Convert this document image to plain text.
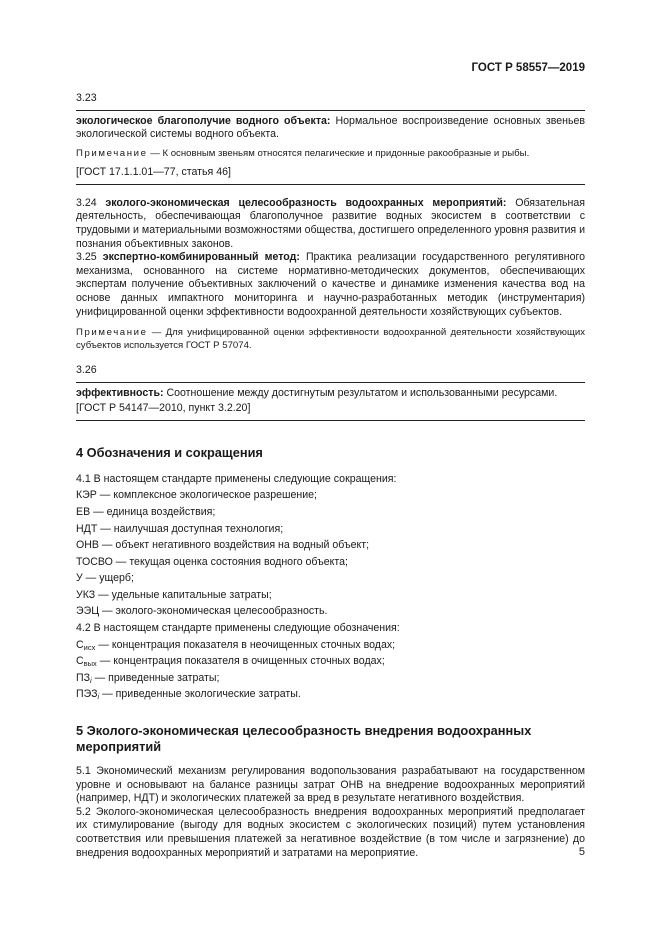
ГОСТ Р 58557—2019

3.23

экологическое благополучие водного объекта: Нормальное воспроизведение основных звеньев экологической системы водного объекта.

Примечание — К основным звеньям относятся пелагические и придонные ракообразные и рыбы.

[ГОСТ 17.1.1.01—77, статья 46]

3.24 эколого-экономическая целесообразность водоохранных мероприятий: Обязательная деятельность, обеспечивающая благополучное развитие водных экосистем в соответствии с трудовыми и материальными возможностями общества, достигшего определенного уровня развития и познания объективных законов.

3.25 экспертно-комбинированный метод: Практика реализации государственного регулятивного механизма, основанного на системе нормативно-методических документов, обеспечивающих экспертам получение объективных заключений о качестве и динамике изменения качества вод на основе данных импактного мониторинга и научно-разработанных методик (инструментария) унифицированной оценки эффективности водоохранной деятельности хозяйствующих субъектов.

Примечание — Для унифицированной оценки эффективности водоохранной деятельности хозяйствующих субъектов используется ГОСТ Р 57074.

3.26

эффективность: Соотношение между достигнутым результатом и использованными ресурсами.

[ГОСТ Р 54147—2010, пункт 3.2.20]

4 Обозначения и сокращения

4.1 В настоящем стандарте применены следующие сокращения:

КЭР — комплексное экологическое разрешение;

ЕВ — единица воздействия;

НДТ — наилучшая доступная технология;

ОНВ — объект негативного воздействия на водный объект;

ТОСВО — текущая оценка состояния водного объекта;

У — ущерб;

УКЗ — удельные капитальные затраты;

ЭЭЦ — эколого-экономическая целесообразность.

4.2 В настоящем стандарте применены следующие обозначения:

$С_{исх}$ — концентрация показателя в неочищенных сточных водах;

$С_{вых}$ — концентрация показателя в очищенных сточных водах;

$ПЗ_i$ — приведенные затраты;

$ПЭЗ_i$ — приведенные экологические затраты.

5 Эколого-экономическая целесообразность внедрения водоохранных мероприятий

5.1 Экономический механизм регулирования водопользования разрабатывают на государственном уровне и основывают на балансе разницы затрат ОНВ на внедрение водоохранных мероприятий (например, НДТ) и экологических платежей за вред в результате негативного воздействия.

5.2 Эколого-экономическая целесообразность внедрения водоохранных мероприятий предполагает их стимулирование (выгоду для водных экосистем с экологических позиций) путем установления соответствия или превышения платежей за негативное воздействие (в том числе и загрязнение) до внедрения водоохранных мероприятий и затратами на мероприятие.	5
